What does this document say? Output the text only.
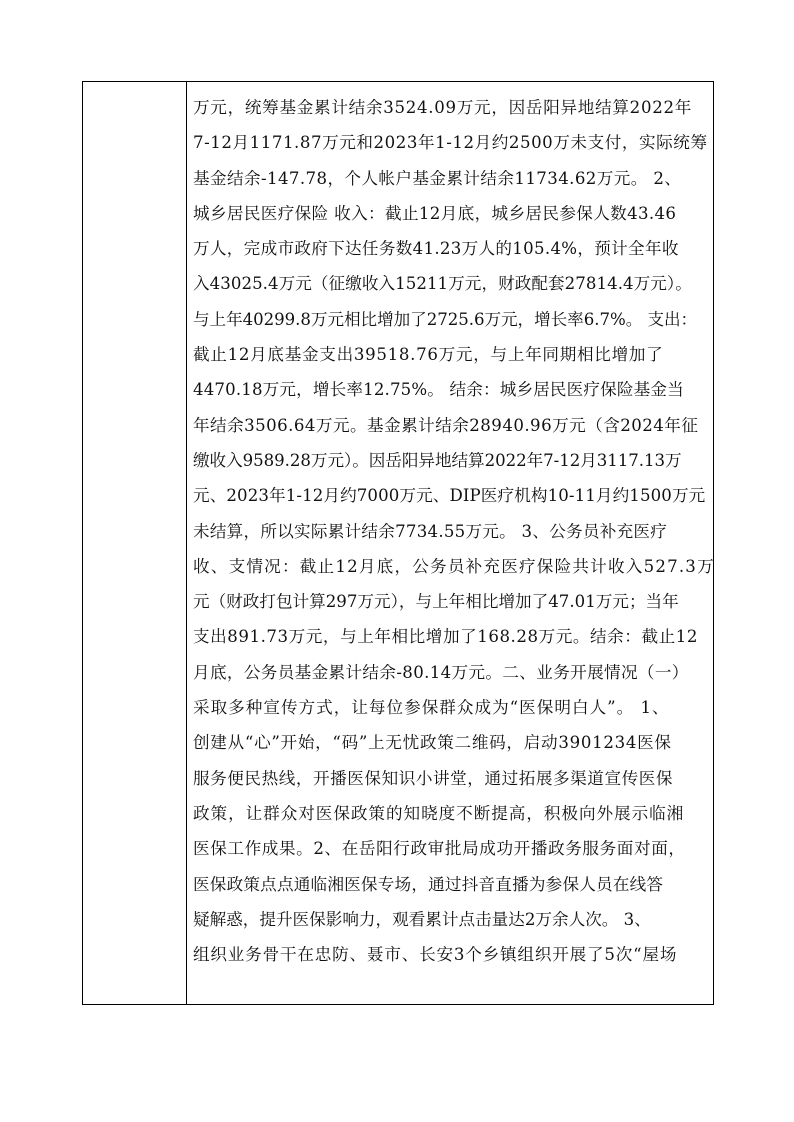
万元，统筹基金累计结余3524.09万元，因岳阳异地结算2022年
7-12月1171.87万元和2023年1-12月约2500万未支付，实际统筹
基金结余-147.78，个人帐户基金累计结余11734.62万元。 2、
城乡居民医疗保险 收入：截止12月底，城乡居民参保人数43.46
万人，完成市政府下达任务数41.23万人的105.4%，预计全年收
入43025.4万元（征缴收入15211万元，财政配套27814.4万元）。
与上年40299.8万元相比增加了2725.6万元，增长率6.7%。 支出：
截止12月底基金支出39518.76万元，与上年同期相比增加了
4470.18万元，增长率12.75%。 结余：城乡居民医疗保险基金当
年结余3506.64万元。基金累计结余28940.96万元（含2024年征
缴收入9589.28万元）。因岳阳异地结算2022年7-12月3117.13万
元、2023年1-12月约7000万元、DIP医疗机构10-11月约1500万元
未结算，所以实际累计结余7734.55万元。 3、公务员补充医疗
收、支情况：截止12月底，公务员补充医疗保险共计收入527.3万
元（财政打包计算297万元），与上年相比增加了47.01万元；当年
支出891.73万元，与上年相比增加了168.28万元。结余：截止12
月底，公务员基金累计结余-80.14万元。二、业务开展情况（一）
采取多种宣传方式，让每位参保群众成为“医保明白人”。 1、
创建从“心”开始，“码”上无忧政策二维码，启动3901234医保
服务便民热线，开播医保知识小讲堂，通过拓展多渠道宣传医保
政策，让群众对医保政策的知晓度不断提高，积极向外展示临湘
医保工作成果。2、在岳阳行政审批局成功开播政务服务面对面，
医保政策点点通临湘医保专场，通过抖音直播为参保人员在线答
疑解惑，提升医保影响力，观看累计点击量达2万余人次。 3、
组织业务骨干在忠防、聂市、长安3个乡镇组织开展了5次“屋场
